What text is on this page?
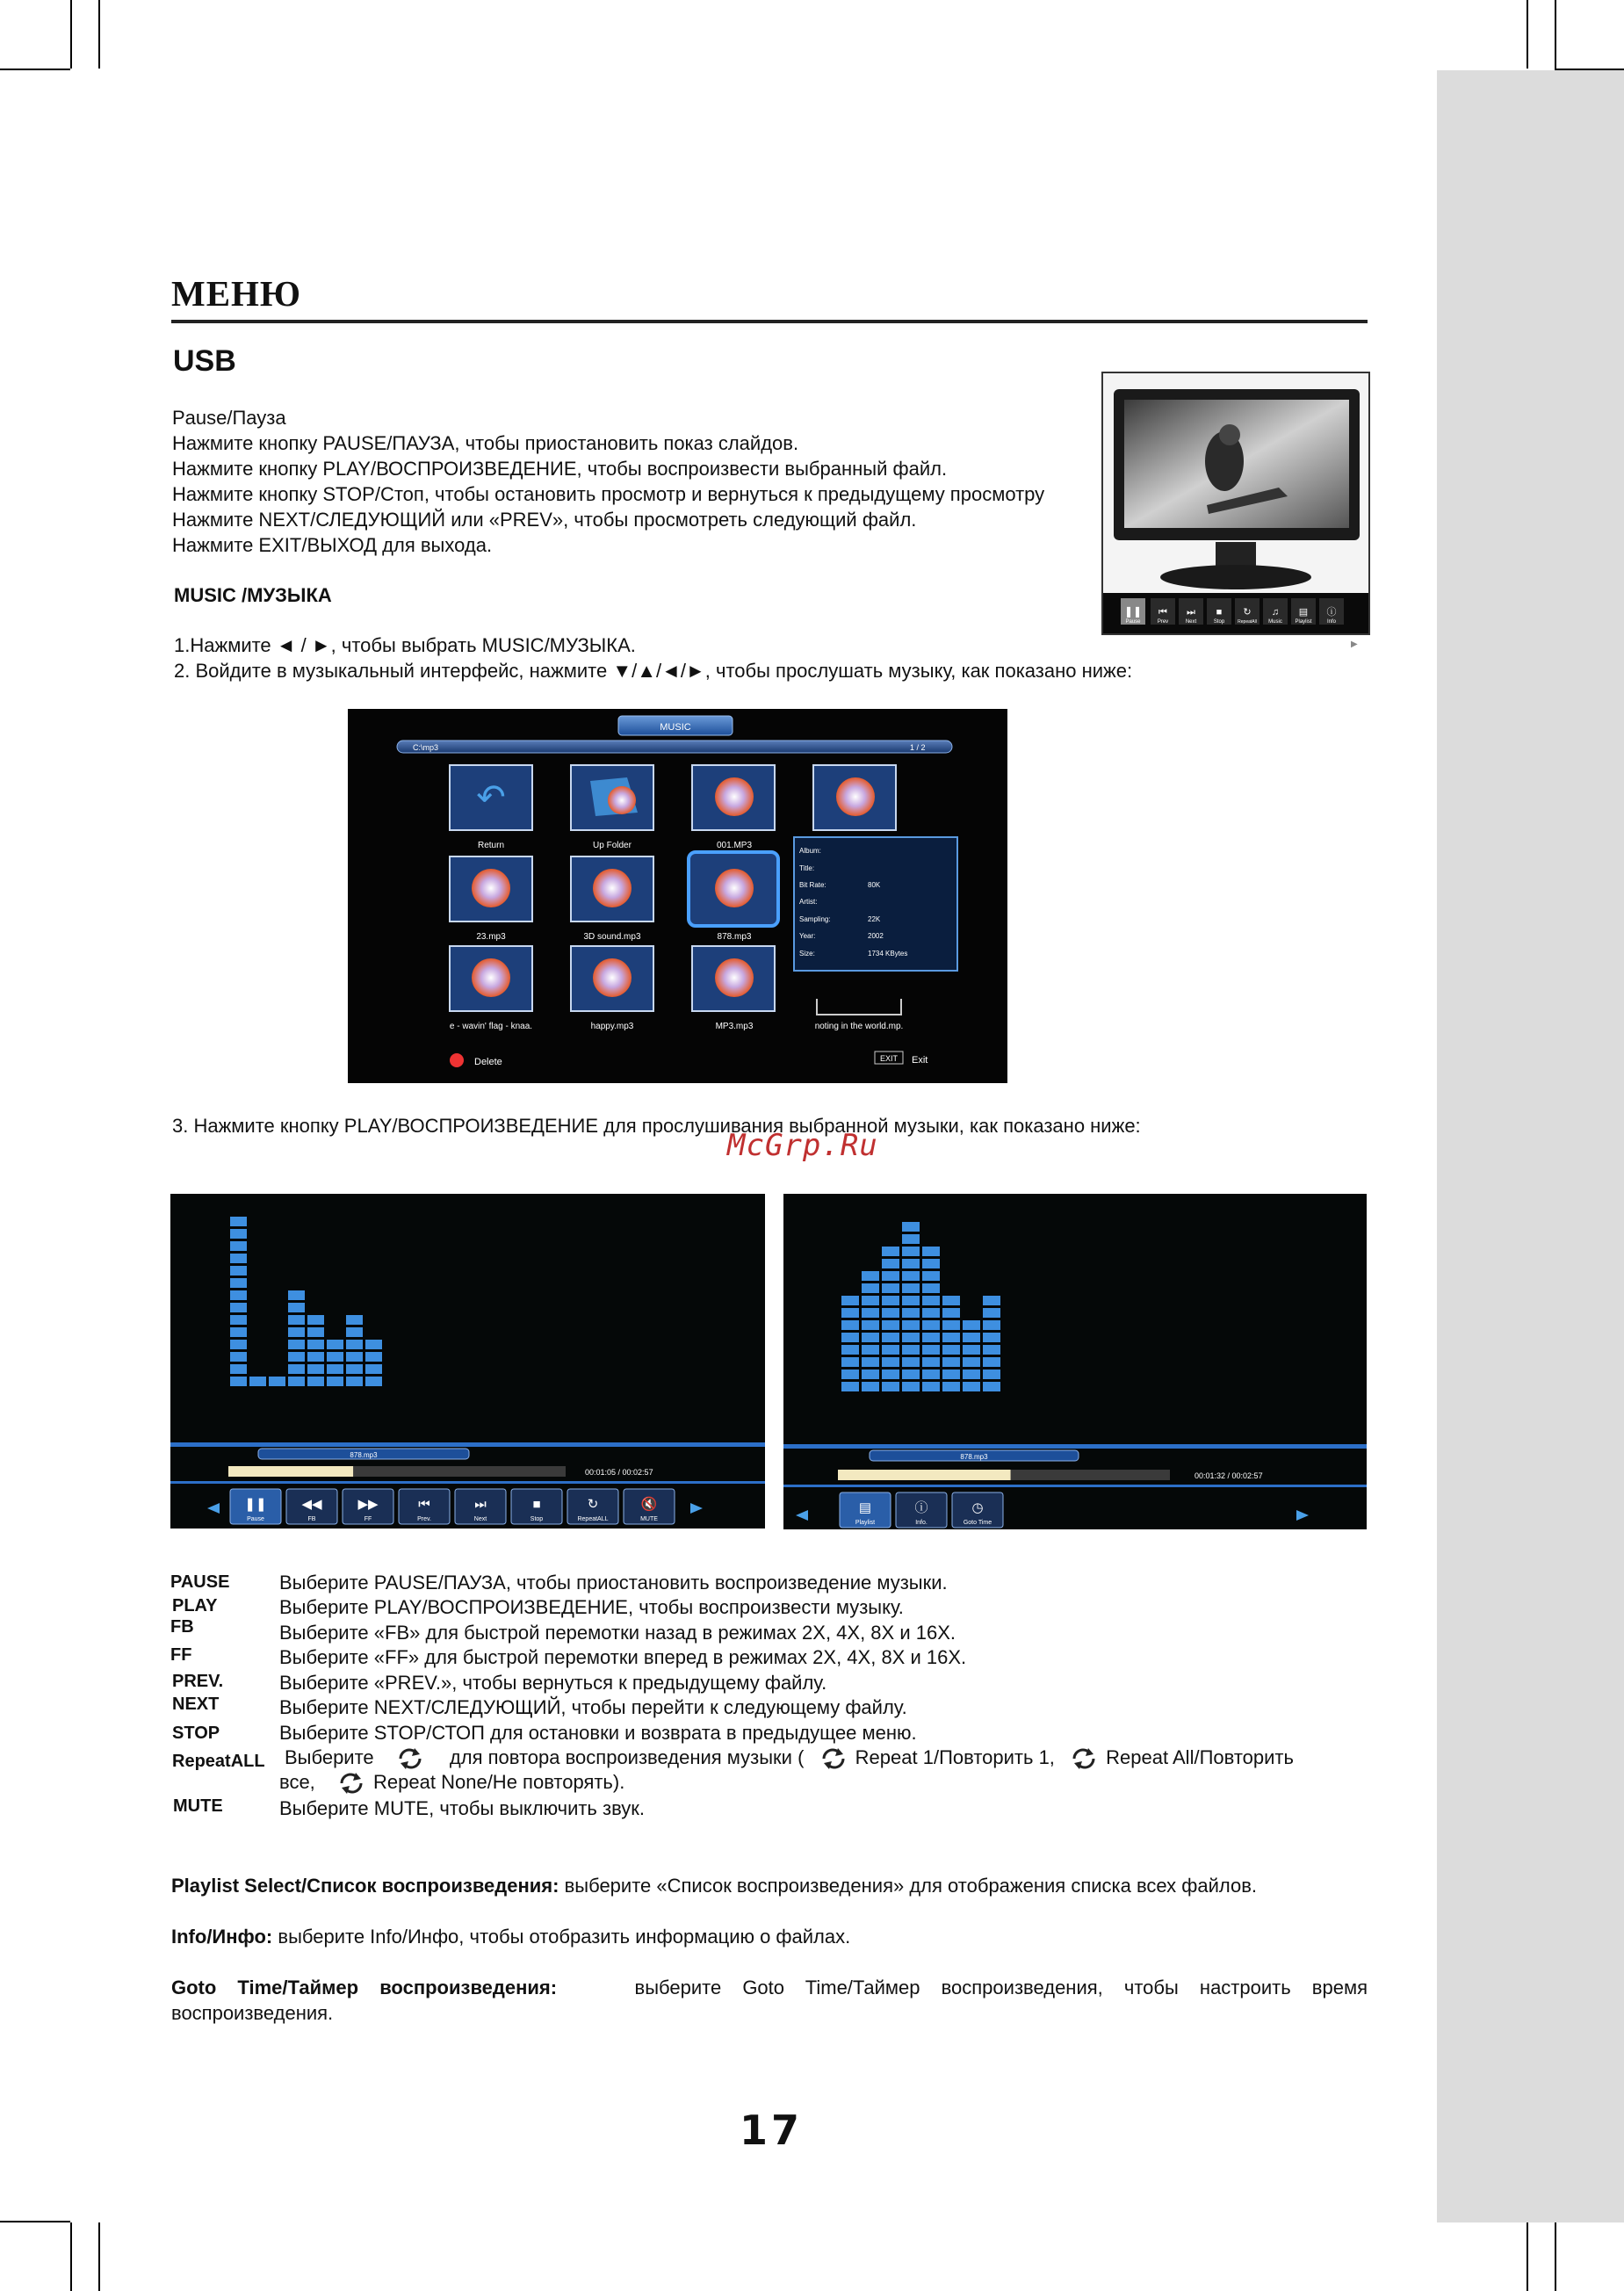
МЕНЮ
USB
Pause/Пауза
Нажмите кнопку PAUSE/ПАУЗА, чтобы приостановить показ слайдов.
Нажмите кнопку PLAY/ВОСПРОИЗВЕДЕНИЕ, чтобы воспроизвести выбранный файл.
Нажмите кнопку STOP/Стоп, чтобы остановить просмотр и вернуться к предыдущему просмотру
Нажмите NEXT/СЛЕДУЮЩИЙ или «PREV», чтобы просмотреть следующий файл.
Нажмите EXIT/ВЫХОД для выхода.
Pause	Prev	Next	Stop	RepeatAll Music Playlist	Info
❚❚ ⏮ ⏭ ■ ↻ ♫ ▤ ⓘ
▶
MUSIC /МУЗЫКА
1.Нажмите ◄ / ►, чтобы выбрать MUSIC/МУЗЫКА.
2. Войдите в музыкальный интерфейс, нажмите ▼/▲/◄/►, чтобы прослушать музыку, как показано ниже:
MUSIC
C:\mp3	1 / 2
↶
Return	Up Folder	001.MP3
23.mp3	3D sound.mp3	878.mp3
e - wavin' flag - knaa.	happy.mp3	MP3.mp3
Album:
Title:
Bit Rate:
Artist:
Sampling:
Year:
Size:
80K
22K
2002
1734 KBytes
noting in the world.mp.
Delete	EXIT Exit
3. Нажмите кнопку PLAY/ВОСПРОИЗВЕДЕНИЕ для прослушивания выбранной музыки, как показано ниже:
McGrp.Ru
878.mp3
00:01:05 / 00:02:57
❚❚
Pause
◀◀
FB
▶▶
FF
⏮
Prev.
⏭
Next
■
Stop
↻
RepeatALL
🔇
MUTE
878.mp3
00:01:32 / 00:02:57
▤
Playlist
ⓘ
Info.
◷
Goto Time
PAUSE	Выберите PAUSE/ПАУЗА, чтобы приостановить воспроизведение музыки.
PLAY	Выберите PLAY/ВОСПРОИЗВЕДЕНИЕ, чтобы воспроизвести музыку.
FB	Выберите «FB» для быстрой перемотки назад в режимах 2X, 4X, 8X и 16X.
FF	Выберите «FF» для быстрой перемотки вперед в режимах 2X, 4X, 8X и 16X.
PREV.	Выберите «PREV.», чтобы вернуться к предыдущему файлу.
NEXT	Выберите NEXT/СЛЕДУЮЩИЙ, чтобы перейти к следующему файлу.
STOP	Выберите STOP/СТОП для остановки и возврата в предыдущее меню.
RepeatALL Выберите	для повтора воспроизведения музыки (	Repeat 1/Повторить 1,	Repeat All/Повторить
все,	Repeat None/Не повторять).
MUTE	Выберите MUTE, чтобы выключить звук.
Playlist Select/Список воспроизведения: выберите «Список воспроизведения» для отображения списка всех файлов.
Info/Инфо: выберите Info/Инфо, чтобы отобразить информацию о файлах.
Goto Time/Таймер воспроизведения:	выберите Goto Time/Таймер воспроизведения, чтобы настроить время
воспроизведения.
17
